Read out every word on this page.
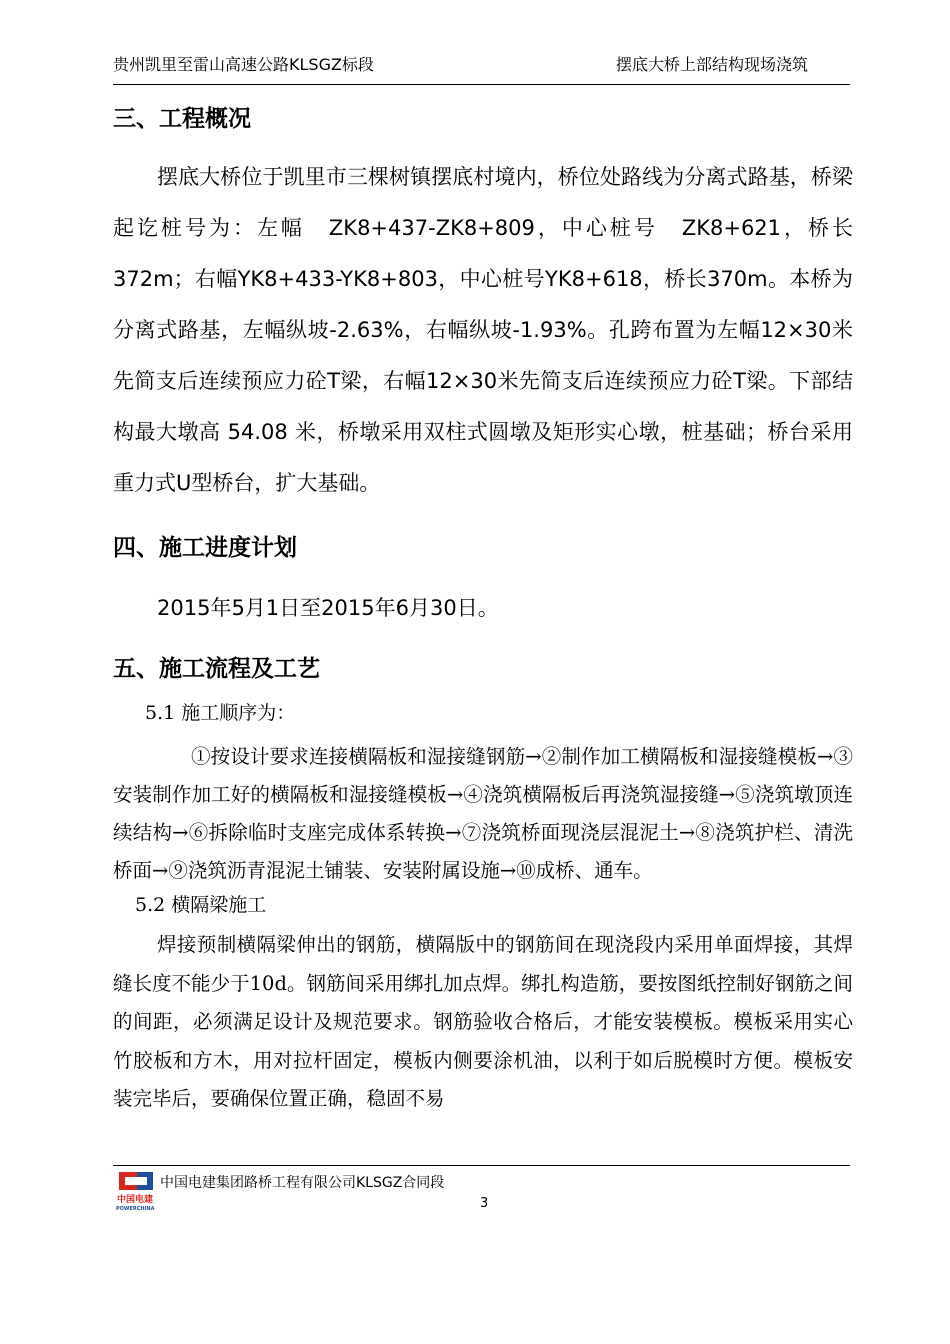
贵州凯里至雷山高速公路KLSGZ标段	摆底大桥上部结构现场浇筑
三、工程概况

摆底大桥位于凯里市三棵树镇摆底村境内，桥位处路线为分离式路基，桥梁起讫桩号为：左幅　ZK8+437-ZK8+809，中心桩号　ZK8+621，桥长372m；右幅YK8+433-YK8+803，中心桩号YK8+618，桥长370m。本桥为分离式路基，左幅纵坡-2.63%，右幅纵坡-1.93%。孔跨布置为左幅12×30米先简支后连续预应力砼T梁，右幅12×30米先简支后连续预应力砼T梁。下部结构最大墩高 54.08 米，桥墩采用双柱式圆墩及矩形实心墩，桩基础；桥台采用重力式U型桥台，扩大基础。

四、施工进度计划

2015年5月1日至2015年6月30日。

五、施工流程及工艺

5.1 施工顺序为：

①按设计要求连接横隔板和湿接缝钢筋→②制作加工横隔板和湿接缝模板→③安装制作加工好的横隔板和湿接缝模板→④浇筑横隔板后再浇筑湿接缝→⑤浇筑墩顶连续结构→⑥拆除临时支座完成体系转换→⑦浇筑桥面现浇层混泥土→⑧浇筑护栏、清洗桥面→⑨浇筑沥青混泥土铺装、安装附属设施→⑩成桥、通车。

5.2 横隔梁施工

焊接预制横隔梁伸出的钢筋，横隔版中的钢筋间在现浇段内采用单面焊接，其焊缝长度不能少于10d。钢筋间采用绑扎加点焊。绑扎构造筋，要按图纸控制好钢筋之间的间距，必须满足设计及规范要求。钢筋验收合格后，才能安装模板。模板采用实心竹胶板和方木，用对拉杆固定，模板内侧要涂机油，以利于如后脱模时方便。模板安装完毕后，要确保位置正确，稳固不易

中国电建
POWERCHINA
中国电建集团路桥工程有限公司KLSGZ合同段
3
